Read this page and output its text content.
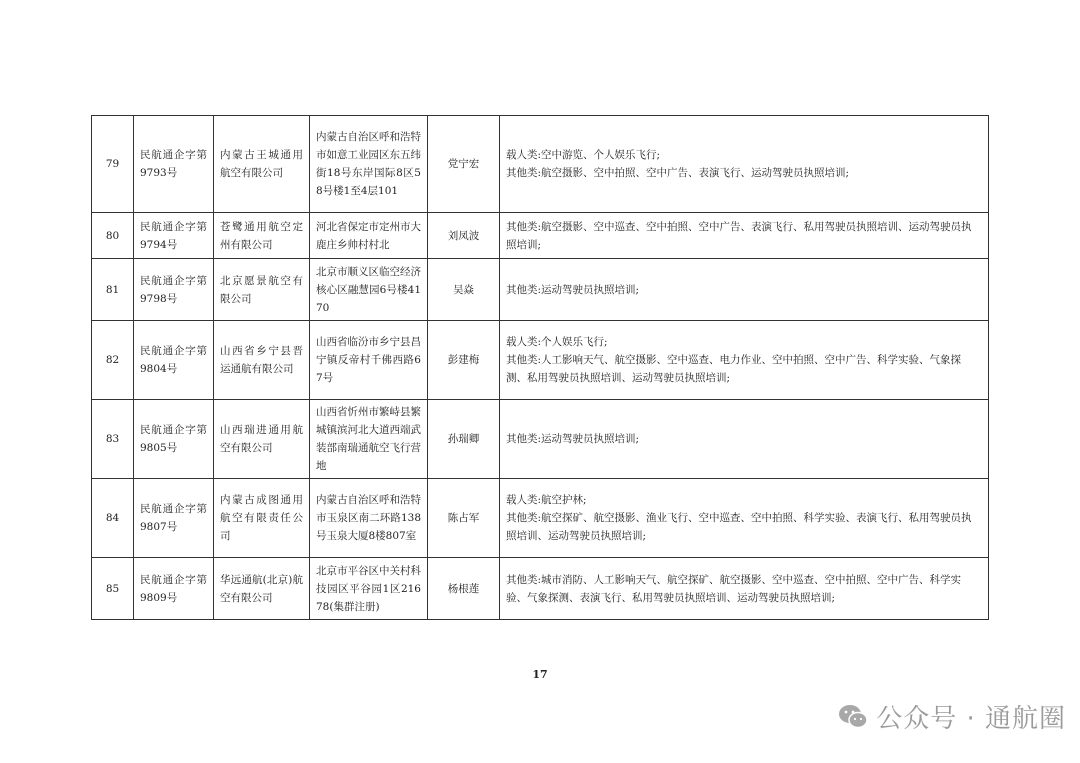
79	民航通企字第9793号	内蒙古王城通用航空有限公司	内蒙古自治区呼和浩特市如意工业园区东五纬街18号东岸国际8区58号楼1至4层101	党宁宏	载人类:空中游览、个人娱乐飞行;
其他类:航空摄影、空中拍照、空中广告、表演飞行、运动驾驶员执照培训;

80	民航通企字第9794号	苍鹭通用航空定州有限公司	河北省保定市定州市大鹿庄乡帅村村北	刘凤波	其他类:航空摄影、空中巡查、空中拍照、空中广告、表演飞行、私用驾驶员执照培训、运动驾驶员执照培训;

81	民航通企字第9798号	北京愿景航空有限公司	北京市顺义区临空经济核心区融慧园6号楼4170	吴焱	其他类:运动驾驶员执照培训;

82	民航通企字第9804号	山西省乡宁县晋运通航有限公司	山西省临汾市乡宁县昌宁镇反帝村千佛西路67号	彭建梅	载人类:个人娱乐飞行;
其他类:人工影响天气、航空摄影、空中巡查、电力作业、空中拍照、空中广告、科学实验、气象探测、私用驾驶员执照培训、运动驾驶员执照培训;

83	民航通企字第9805号	山西瑞进通用航空有限公司	山西省忻州市繁峙县繁城镇滨河北大道西端武装部南瑞通航空飞行营地	孙瑞卿	其他类:运动驾驶员执照培训;

84	民航通企字第9807号	内蒙古成图通用航空有限责任公司	内蒙古自治区呼和浩特市玉泉区南二环路138号玉泉大厦8楼807室	陈占军	载人类:航空护林;
其他类:航空探矿、航空摄影、渔业飞行、空中巡查、空中拍照、科学实验、表演飞行、私用驾驶员执照培训、运动驾驶员执照培训;

85	民航通企字第9809号	华远通航(北京)航空有限公司	北京市平谷区中关村科技园区平谷园1区21678(集群注册)	杨根莲	其他类:城市消防、人工影响天气、航空探矿、航空摄影、空中巡查、空中拍照、空中广告、科学实验、气象探测、表演飞行、私用驾驶员执照培训、运动驾驶员执照培训;
17
公众号 · 通航圈
